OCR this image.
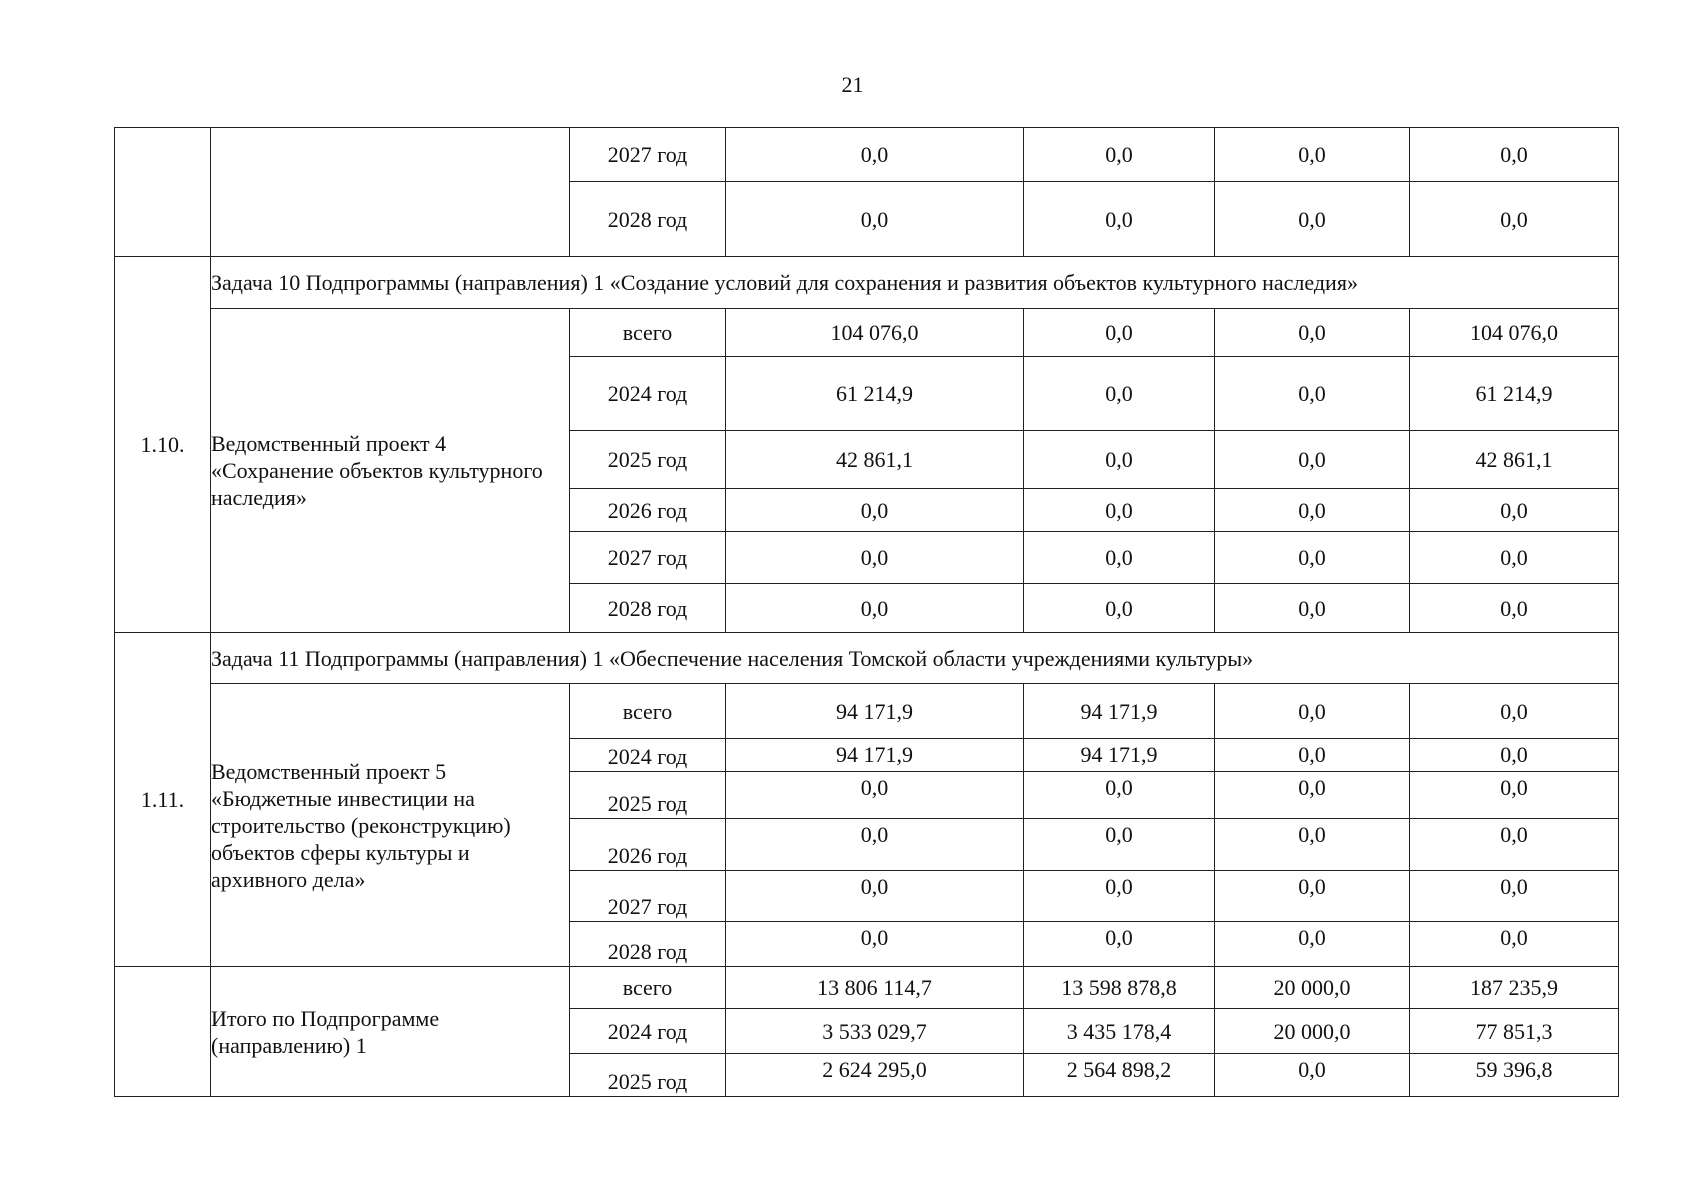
21
		2027 год	0,0	0,0	0,0	0,0
		2028 год	0,0	0,0	0,0	0,0
1.10.	Задача 10 Подпрограммы (направления) 1 «Создание условий для сохранения и развития объектов культурного наследия»					
	Ведомственный проект 4 «Сохранение объектов культурного наследия»	всего	104 076,0	0,0	0,0	104 076,0
		2024 год	61 214,9	0,0	0,0	61 214,9
		2025 год	42 861,1	0,0	0,0	42 861,1
		2026 год	0,0	0,0	0,0	0,0
		2027 год	0,0	0,0	0,0	0,0
		2028 год	0,0	0,0	0,0	0,0
1.11.	Задача 11 Подпрограммы (направления) 1 «Обеспечение населения Томской области учреждениями культуры»					
	Ведомственный проект 5 «Бюджетные инвестиции на строительство (реконструкцию) объектов сферы культуры и архивного дела»	всего	94 171,9	94 171,9	0,0	0,0

		2024 год	94 171,9	94 171,9	0,0	0,0

		2025 год	0,0	0,0	0,0	0,0

		2026 год	0,0	0,0	0,0	0,0

		2027 год	0,0	0,0	0,0	0,0

		2028 год	0,0	0,0	0,0	0,0

	Итого по Подпрограмме (направлению) 1	всего	13 806 114,7	13 598 878,8	20 000,0	187 235,9
		2024 год	3 533 029,7	3 435 178,4	20 000,0	77 851,3

		2025 год	2 624 295,0	2 564 898,2	0,0	59 396,8
